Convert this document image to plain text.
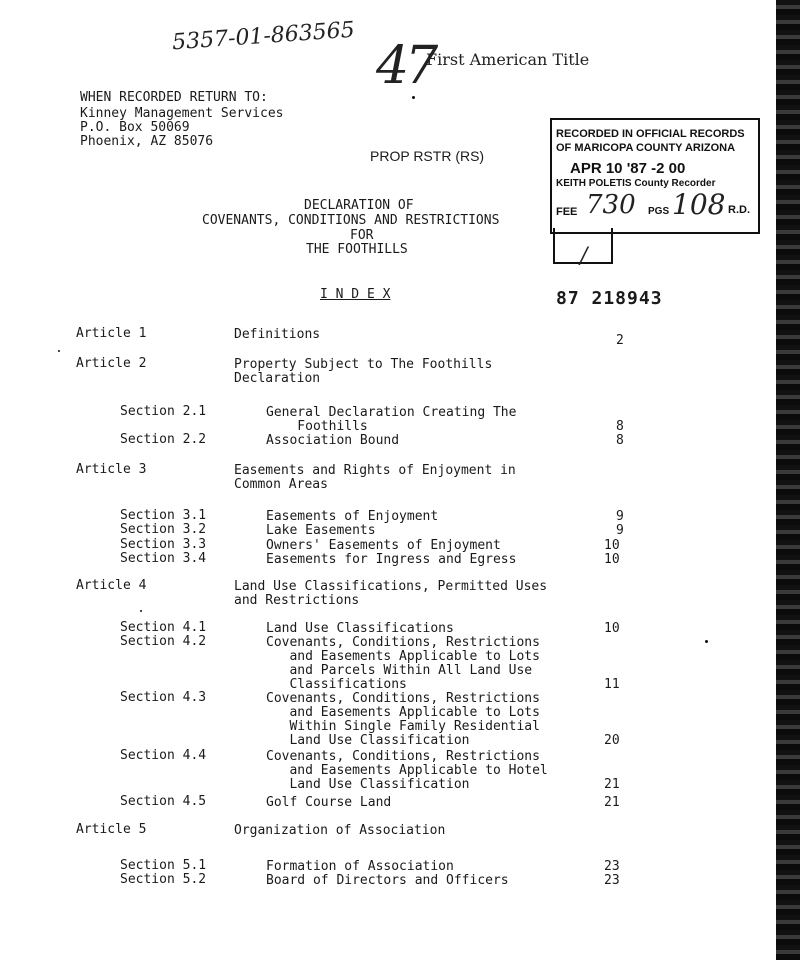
5357-01-863565 47
First American Title
WHEN RECORDED RETURN TO:
Kinney Management Services
P.O. Box 50069
Phoenix, AZ 85076
PROP RSTR (RS)
RECORDED IN OFFICIAL RECORDS
OF MARICOPA COUNTY ARIZONA
APR 10 '87 -2 00
KEITH POLETIS County Recorder
FEE 730 PGS 108 R.D.
/
DECLARATION OF
COVENANTS, CONDITIONS AND RESTRICTIONS
FOR
THE FOOTHILLS
I N D E X	87 218943
Article 1	Definitions	2
Article 2	Property Subject to The Foothills
Declaration
Section 2.1	General Declaration Creating The
Foothills	8
Section 2.2	Association Bound	8
Article 3	Easements and Rights of Enjoyment in
Common Areas
Section 3.1	Easements of Enjoyment	9
Section 3.2	Lake Easements	9
Section 3.3	Owners' Easements of Enjoyment	10
Section 3.4	Easements for Ingress and Egress	10
Article 4	Land Use Classifications, Permitted Uses
and Restrictions
Section 4.1	Land Use Classifications	10
Section 4.2	Covenants, Conditions, Restrictions
and Easements Applicable to Lots
and Parcels Within All Land Use
Classifications	11
Section 4.3	Covenants, Conditions, Restrictions
and Easements Applicable to Lots
Within Single Family Residential
Land Use Classification	20
Section 4.4	Covenants, Conditions, Restrictions
and Easements Applicable to Hotel
Land Use Classification	21
Section 4.5	Golf Course Land	21
Article 5	Organization of Association
Section 5.1	Formation of Association	23
Section 5.2	Board of Directors and Officers	23
